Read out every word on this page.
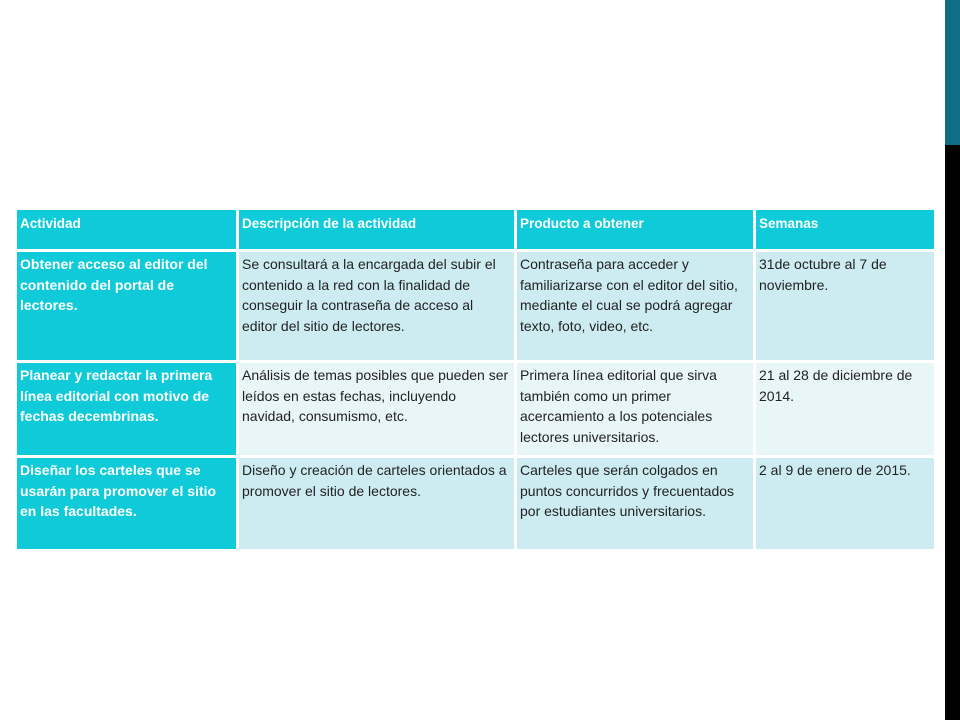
Actividad	Descripción de la actividad	Producto a obtener	Semanas
Obtener acceso al editor del contenido del portal de lectores.	Se consultará a la encargada del subir el contenido a la red con la finalidad de conseguir la contraseña de acceso al editor del sitio de lectores.	Contraseña para acceder y familiarizarse con el editor del sitio, mediante el cual se podrá agregar texto, foto, video, etc.	31de octubre al 7 de noviembre.
Planear y redactar la primera línea editorial con motivo de fechas decembrinas.	Análisis de temas posibles que pueden ser leídos en estas fechas, incluyendo navidad, consumismo, etc.	Primera línea editorial que sirva también como un primer acercamiento a los potenciales lectores universitarios.	21 al 28 de diciembre de 2014.
Diseñar los carteles que se usarán para promover el sitio en las facultades.	Diseño y creación de carteles orientados a promover el sitio de lectores.	Carteles que serán colgados en puntos concurridos y frecuentados por estudiantes universitarios.	2 al 9 de enero de 2015.
